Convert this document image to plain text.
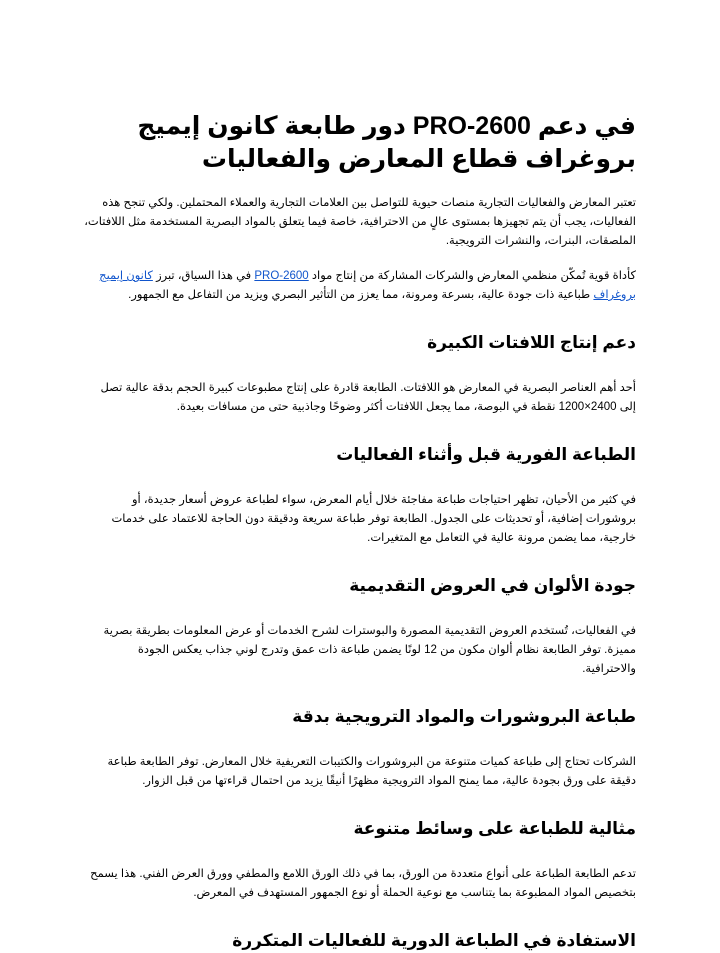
في دعم PRO-2600 دور طابعة كانون إيميج بروغراف قطاع المعارض والفعاليات

تعتبر المعارض والفعاليات التجارية منصات حيوية للتواصل بين العلامات التجارية والعملاء المحتملين. ولكي تنجح هذه الفعاليات، يجب أن يتم تجهيزها بمستوى عالٍ من الاحترافية، خاصة فيما يتعلق بالمواد البصرية المستخدمة مثل اللافتات، الملصقات، البنرات، والنشرات الترويجية.

كأداة قوية تُمكّن منظمي المعارض والشركات المشاركة من إنتاج مواد PRO-2600 في هذا السياق، تبرز كانون إيميج بروغراف طباعية ذات جودة عالية، بسرعة ومرونة، مما يعزز من التأثير البصري ويزيد من التفاعل مع الجمهور.

دعم إنتاج اللافتات الكبيرة

أحد أهم العناصر البصرية في المعارض هو اللافتات. الطابعة قادرة على إنتاج مطبوعات كبيرة الحجم بدقة عالية تصل إلى 2400×1200 نقطة في البوصة، مما يجعل اللافتات أكثر وضوحًا وجاذبية حتى من مسافات بعيدة.

الطباعة الفورية قبل وأثناء الفعاليات

في كثير من الأحيان، تظهر احتياجات طباعة مفاجئة خلال أيام المعرض، سواء لطباعة عروض أسعار جديدة، أو بروشورات إضافية، أو تحديثات على الجدول. الطابعة توفر طباعة سريعة ودقيقة دون الحاجة للاعتماد على خدمات خارجية، مما يضمن مرونة عالية في التعامل مع المتغيرات.

جودة الألوان في العروض التقديمية

في الفعاليات، تُستخدم العروض التقديمية المصورة والبوسترات لشرح الخدمات أو عرض المعلومات بطريقة بصرية مميزة. توفر الطابعة نظام ألوان مكون من 12 لونًا يضمن طباعة ذات عمق وتدرج لوني جذاب يعكس الجودة والاحترافية.

طباعة البروشورات والمواد الترويجية بدقة

الشركات تحتاج إلى طباعة كميات متنوعة من البروشورات والكتيبات التعريفية خلال المعارض. توفر الطابعة طباعة دقيقة على ورق بجودة عالية، مما يمنح المواد الترويجية مظهرًا أنيقًا يزيد من احتمال قراءتها من قبل الزوار.

مثالية للطباعة على وسائط متنوعة

تدعم الطابعة الطباعة على أنواع متعددة من الورق، بما في ذلك الورق اللامع والمطفي وورق العرض الفني. هذا يسمح بتخصيص المواد المطبوعة بما يتناسب مع نوعية الحملة أو نوع الجمهور المستهدف في المعرض.

الاستفادة في الطباعة الدورية للفعاليات المتكررة
